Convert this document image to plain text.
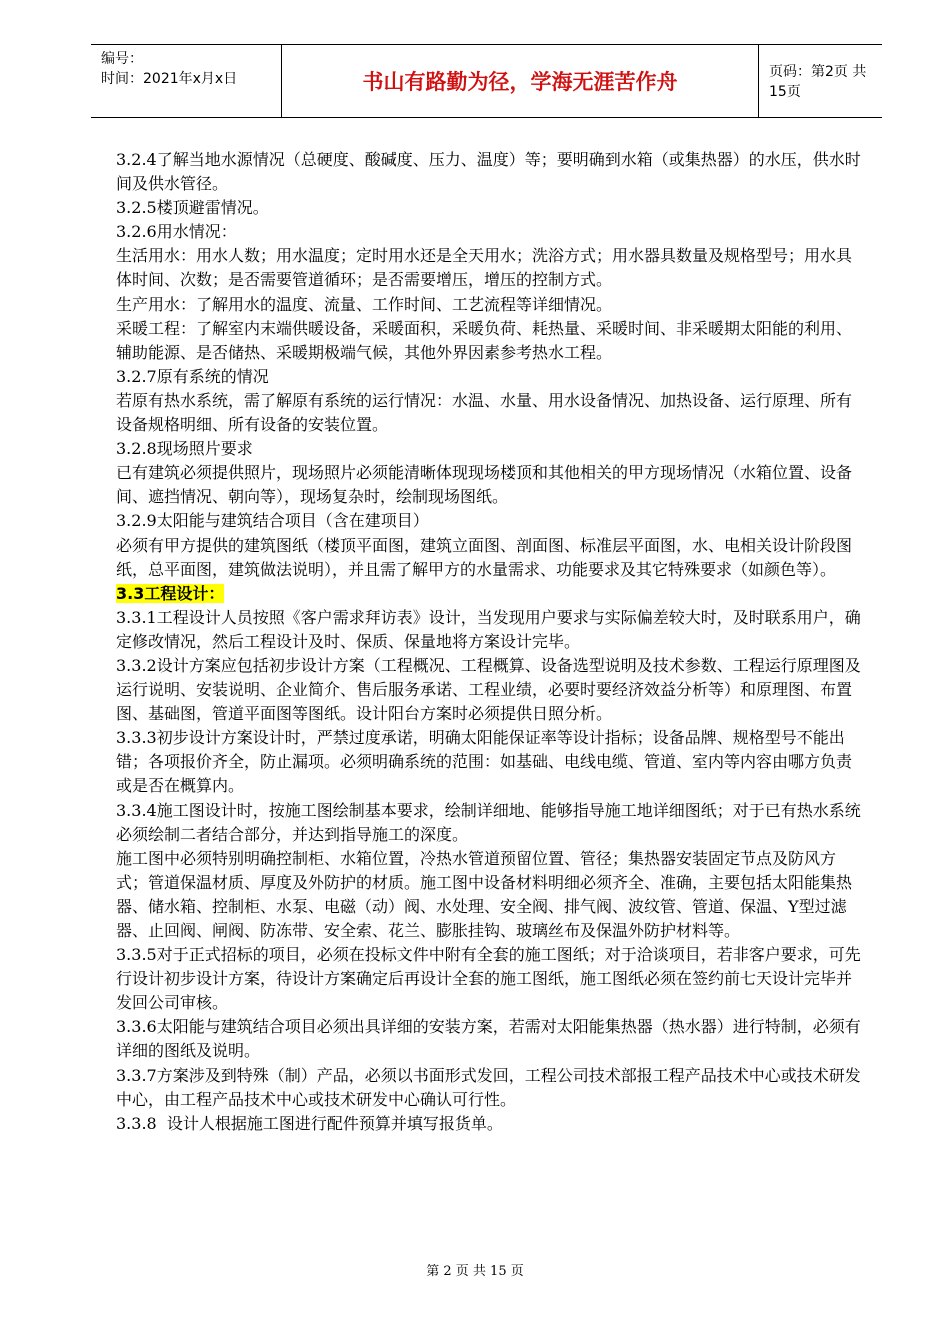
编号：
时间：2021年x月x日	书山有路勤为径，学海无涯苦作舟	页码：第2页 共15页

3.2.4了解当地水源情况（总硬度、酸碱度、压力、温度）等；要明确到水箱（或集热器）的水压，供水时间及供水管径。

3.2.5楼顶避雷情况。

3.2.6用水情况：

生活用水：用水人数；用水温度；定时用水还是全天用水；洗浴方式；用水器具数量及规格型号；用水具体时间、次数；是否需要管道循环；是否需要增压，增压的控制方式。

生产用水：了解用水的温度、流量、工作时间、工艺流程等详细情况。

采暖工程：了解室内末端供暖设备，采暖面积，采暖负荷、耗热量、采暖时间、非采暖期太阳能的利用、辅助能源、是否储热、采暖期极端气候，其他外界因素参考热水工程。

3.2.7原有系统的情况

若原有热水系统，需了解原有系统的运行情况：水温、水量、用水设备情况、加热设备、运行原理、所有设备规格明细、所有设备的安装位置。

3.2.8现场照片要求

已有建筑必须提供照片，现场照片必须能清晰体现现场楼顶和其他相关的甲方现场情况（水箱位置、设备间、遮挡情况、朝向等），现场复杂时，绘制现场图纸。

3.2.9太阳能与建筑结合项目（含在建项目）

必须有甲方提供的建筑图纸（楼顶平面图，建筑立面图、剖面图、标准层平面图，水、电相关设计阶段图纸，总平面图，建筑做法说明），并且需了解甲方的水量需求、功能要求及其它特殊要求（如颜色等）。

3.3工程设计：

3.3.1工程设计人员按照《客户需求拜访表》设计，当发现用户要求与实际偏差较大时，及时联系用户，确定修改情况，然后工程设计及时、保质、保量地将方案设计完毕。

3.3.2设计方案应包括初步设计方案（工程概况、工程概算、设备选型说明及技术参数、工程运行原理图及运行说明、安装说明、企业简介、售后服务承诺、工程业绩，必要时要经济效益分析等）和原理图、布置图、基础图，管道平面图等图纸。设计阳台方案时必须提供日照分析。

3.3.3初步设计方案设计时，严禁过度承诺，明确太阳能保证率等设计指标；设备品牌、规格型号不能出错；各项报价齐全，防止漏项。必须明确系统的范围：如基础、电线电缆、管道、室内等内容由哪方负责或是否在概算内。

3.3.4施工图设计时，按施工图绘制基本要求，绘制详细地、能够指导施工地详细图纸；对于已有热水系统必须绘制二者结合部分，并达到指导施工的深度。

施工图中必须特别明确控制柜、水箱位置，冷热水管道预留位置、管径；集热器安装固定节点及防风方式；管道保温材质、厚度及外防护的材质。施工图中设备材料明细必须齐全、准确，主要包括太阳能集热器、储水箱、控制柜、水泵、电磁（动）阀、水处理、安全阀、排气阀、波纹管、管道、保温、Y型过滤器、止回阀、闸阀、防冻带、安全索、花兰、膨胀挂钩、玻璃丝布及保温外防护材料等。

3.3.5对于正式招标的项目，必须在投标文件中附有全套的施工图纸；对于洽谈项目，若非客户要求，可先行设计初步设计方案，待设计方案确定后再设计全套的施工图纸，施工图纸必须在签约前七天设计完毕并发回公司审核。

3.3.6太阳能与建筑结合项目必须出具详细的安装方案，若需对太阳能集热器（热水器）进行特制，必须有详细的图纸及说明。

3.3.7方案涉及到特殊（制）产品，必须以书面形式发回，工程公司技术部报工程产品技术中心或技术研发中心，由工程产品技术中心或技术研发中心确认可行性。

3.3.8  设计人根据施工图进行配件预算并填写报货单。

第 2 页 共 15 页
